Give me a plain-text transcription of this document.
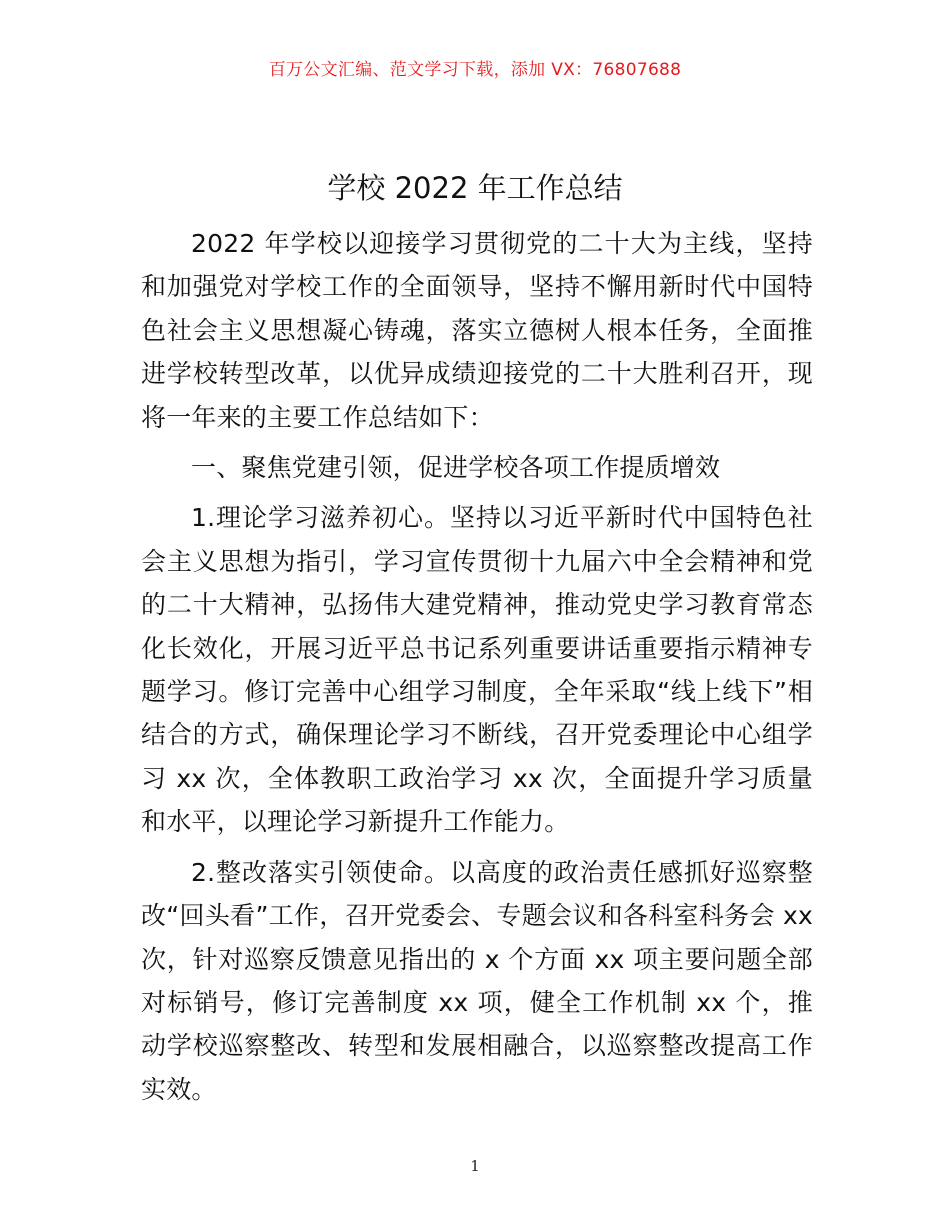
百万公文汇编、范文学习下载，添加 VX：76807688
学校 2022 年工作总结

2022 年学校以迎接学习贯彻党的二十大为主线，坚持和加强党对学校工作的全面领导，坚持不懈用新时代中国特色社会主义思想凝心铸魂，落实立德树人根本任务，全面推进学校转型改革，以优异成绩迎接党的二十大胜利召开，现将一年来的主要工作总结如下：

一、聚焦党建引领，促进学校各项工作提质增效

1.理论学习滋养初心。坚持以习近平新时代中国特色社会主义思想为指引，学习宣传贯彻十九届六中全会精神和党的二十大精神，弘扬伟大建党精神，推动党史学习教育常态化长效化，开展习近平总书记系列重要讲话重要指示精神专题学习。修订完善中心组学习制度，全年采取“线上线下”相结合的方式，确保理论学习不断线，召开党委理论中心组学习 xx 次，全体教职工政治学习 xx 次，全面提升学习质量和水平，以理论学习新提升工作能力。

2.整改落实引领使命。以高度的政治责任感抓好巡察整改“回头看”工作，召开党委会、专题会议和各科室科务会 xx 次，针对巡察反馈意见指出的 x 个方面 xx 项主要问题全部对标销号，修订完善制度 xx 项，健全工作机制 xx 个，推动学校巡察整改、转型和发展相融合，以巡察整改提高工作实效。

1
